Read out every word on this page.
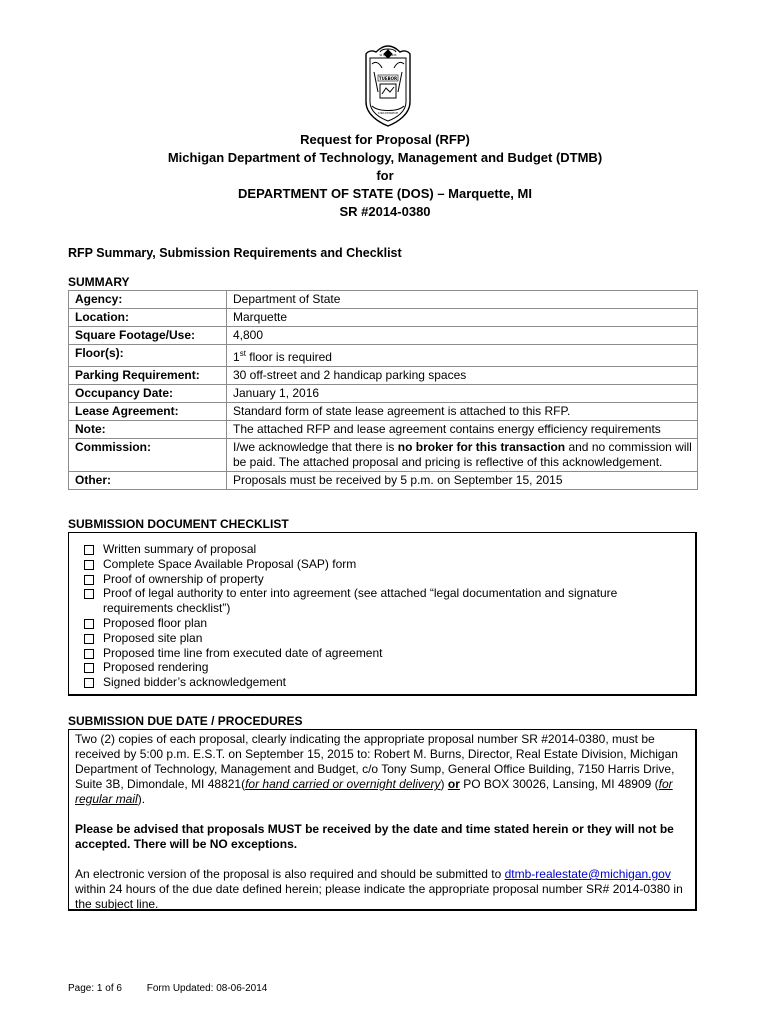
TUEBOR
SI QUAERIS
CIRCUMSPICE
Request for Proposal (RFP)
Michigan Department of Technology, Management and Budget (DTMB)
for
DEPARTMENT OF STATE (DOS) – Marquette, MI
SR #2014-0380
RFP Summary, Submission Requirements and Checklist
SUMMARY
Agency:	Department of State
Location:	Marquette
Square Footage/Use:	4,800
Floor(s):	1st floor is required
Parking Requirement:	30 off-street and 2 handicap parking spaces
Occupancy Date:	January 1, 2016
Lease Agreement:	Standard form of state lease agreement is attached to this RFP.
Note:	The attached RFP and lease agreement contains energy efficiency requirements
Commission:	I/we acknowledge that there is no broker for this transaction and no commission will be paid. The attached proposal and pricing is reflective of this acknowledgement.
Other:	Proposals must be received by 5 p.m. on September 15, 2015
SUBMISSION DOCUMENT CHECKLIST
Written summary of proposal
Complete Space Available Proposal (SAP) form
Proof of ownership of property
Proof of legal authority to enter into agreement (see attached “legal documentation and signature requirements checklist”)
Proposed floor plan
Proposed site plan
Proposed time line from executed date of agreement
Proposed rendering
Signed bidder’s acknowledgement
SUBMISSION DUE DATE / PROCEDURES

Two (2) copies of each proposal, clearly indicating the appropriate proposal number SR #2014-0380, must be received by 5:00 p.m. E.S.T. on September 15, 2015 to: Robert M. Burns, Director, Real Estate Division, Michigan Department of Technology, Management and Budget, c/o Tony Sump, General Office Building, 7150 Harris Drive, Suite 3B, Dimondale, MI 48821(for hand carried or overnight delivery) or PO BOX 30026, Lansing, MI 48909 (for regular mail).

Please be advised that proposals MUST be received by the date and time stated herein or they will not be accepted. There will be NO exceptions.

An electronic version of the proposal is also required and should be submitted to dtmb-realestate@michigan.gov within 24 hours of the due date defined herein; please indicate the appropriate proposal number SR# 2014-0380 in the subject line.

Page: 1 of 6 Form Updated: 08-06-2014
